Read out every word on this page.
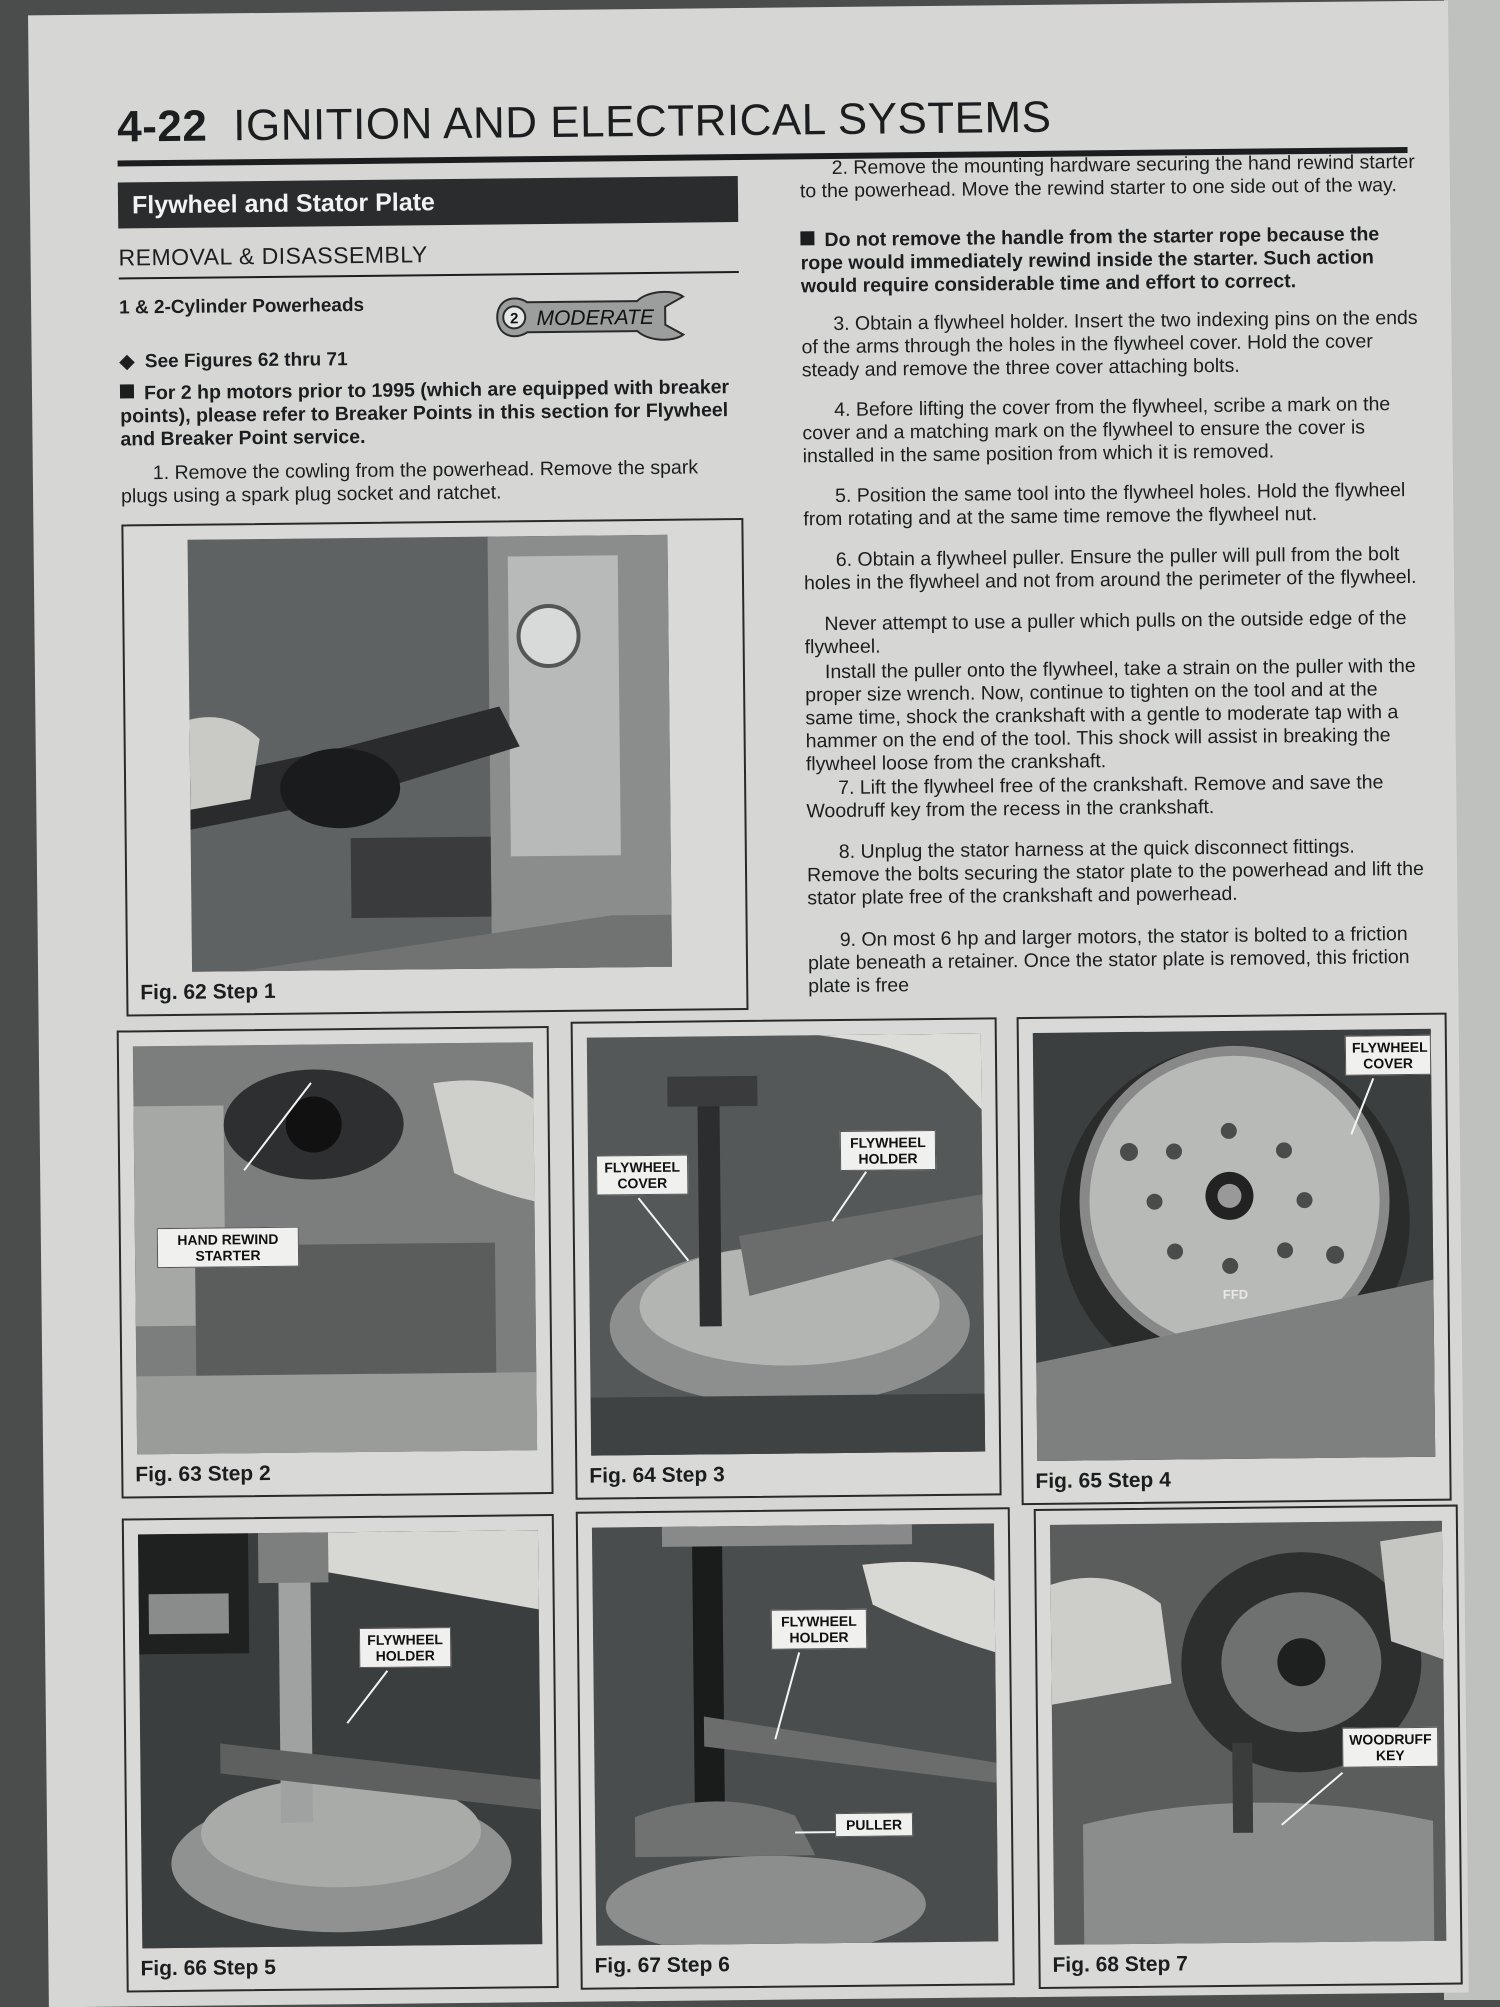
4-22 IGNITION AND ELECTRICAL SYSTEMS
Flywheel and Stator Plate
REMOVAL & DISASSEMBLY
1 & 2-Cylinder Powerheads
2 MODERATE
◆ See Figures 62 thru 71
For 2 hp motors prior to 1995 (which are equipped with breaker points), please refer to Breaker Points in this section for Flywheel and Breaker Point service.
1. Remove the cowling from the powerhead. Remove the spark plugs using a spark plug socket and ratchet.
Fig. 62 Step 1
2. Remove the mounting hardware securing the hand rewind starter to the powerhead. Move the rewind starter to one side out of the way.
Do not remove the handle from the starter rope because the rope would immediately rewind inside the starter. Such action would require considerable time and effort to correct.
3. Obtain a flywheel holder. Insert the two indexing pins on the ends of the arms through the holes in the flywheel cover. Hold the cover steady and remove the three cover attaching bolts.
4. Before lifting the cover from the flywheel, scribe a mark on the cover and a matching mark on the flywheel to ensure the cover is installed in the same position from which it is removed.
5. Position the same tool into the flywheel holes. Hold the flywheel from rotating and at the same time remove the flywheel nut.
6. Obtain a flywheel puller. Ensure the puller will pull from the bolt holes in the flywheel and not from around the perimeter of the flywheel.
Never attempt to use a puller which pulls on the outside edge of the flywheel.
Install the puller onto the flywheel, take a strain on the puller with the proper size wrench. Now, continue to tighten on the tool and at the same time, shock the crankshaft with a gentle to moderate tap with a hammer on the end of the tool. This shock will assist in breaking the flywheel loose from the crankshaft.
7. Lift the flywheel free of the crankshaft. Remove and save the Woodruff key from the recess in the crankshaft.
8. Unplug the stator harness at the quick disconnect fittings. Remove the bolts securing the stator plate to the powerhead and lift the stator plate free of the crankshaft and powerhead.
9. On most 6 hp and larger motors, the stator is bolted to a friction plate beneath a retainer. Once the stator plate is removed, this friction plate is free
HAND REWIND STARTER
Fig. 63 Step 2
FLYWHEEL COVER
FLYWHEEL HOLDER
Fig. 64 Step 3
FFD
FLYWHEEL COVER
Fig. 65 Step 4
FLYWHEEL HOLDER
Fig. 66 Step 5
FLYWHEEL HOLDER
PULLER
Fig. 67 Step 6
WOODRUFF KEY
Fig. 68 Step 7
